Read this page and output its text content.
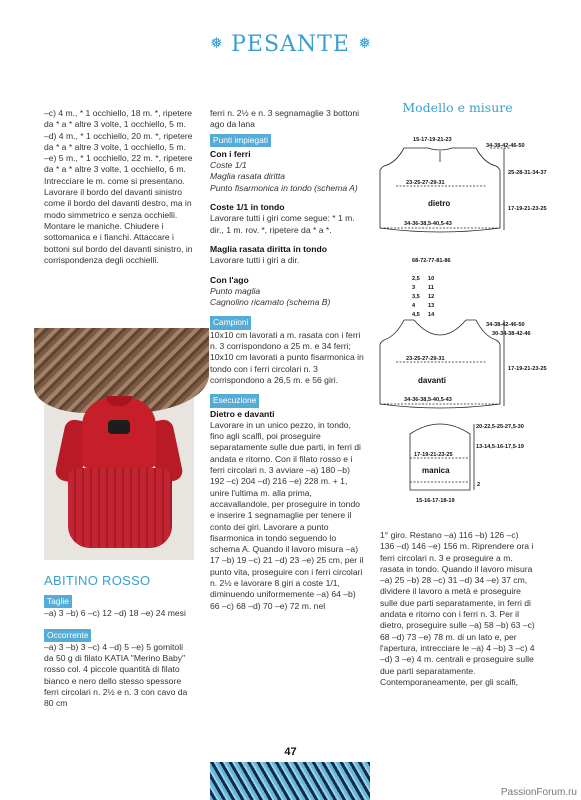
❅ PESANTE ❅

–c) 4 m., * 1 occhiello, 18 m. *, ripetere da * a * altre 3 volte, 1 occhiello, 5 m.

–d) 4 m., * 1 occhiello, 20 m. *, ripetere da * a * altre 3 volte, 1 occhiello, 5 m.

–e) 5 m., * 1 occhiello, 22 m. *, ripetere da * a * altre 3 volte, 1 occhiello, 6 m.

Intrecciare le m. come si presentano. Lavorare il bordo del davanti sinistro come il bordo del davanti destro, ma in modo simmetrico e senza occhielli. Montare le maniche. Chiudere i sottomanica e i fianchi. Attaccare i bottoni sul bordo del davanti sinistro, in corrispondenza degli occhielli.

ABITINO ROSSO
Taglie

–a) 3 –b) 6 –c) 12 –d) 18 –e) 24 mesi

Occorrente

–a) 3 –b) 3 –c) 4 –d) 5 –e) 5 gomitoli da 50 g di filato KATIA "Merino Baby" rosso col. 4 piccole quantità di filato bianco e nero dello stesso spessore ferri circolari n. 2½ e n. 3 con cavo da 80 cm

ferri n. 2½ e n. 3 segnamaglie 3 bottoni ago da lana

Punti impiegati

Con i ferri

Coste 1/1

Maglia rasata diritta

Punto fisarmonica in tondo (schema A)

Coste 1/1 in tondo

Lavorare tutti i giri come segue: * 1 m. dir., 1 m. rov. *, ripetere da * a *.

Maglia rasata diritta in tondo

Lavorare tutti i giri a dir.

Con l'ago

Punto maglia

Cagnolino ricamato (schema B)

Campioni

10x10 cm lavorati a m. rasata con i ferri n. 3 corrispondono a 25 m. e 34 ferri; 10x10 cm lavorati a punto fisarmonica in tondo con i ferri circolari n. 3 corrispondono a 26,5 m. e 56 giri.

Esecuzione

Dietro e davanti

Lavorare in un unico pezzo, in tondo, fino agli scalfi, poi proseguire separatamente sulle due parti, in ferri di andata e ritorno. Con il filato rosso e i ferri circolari n. 3 avviare –a) 180 –b) 192 –c) 204 –d) 216 –e) 228 m. + 1, unire l'ultima m. alla prima, accavallandole, per proseguire in tondo e inserire 1 segnamaglie per tenere il conto dei giri. Lavorare a punto fisarmonica in tondo seguendo lo schema A. Quando il lavoro misura –a) 17 –b) 19 –c) 21 –d) 23 –e) 25 cm, per il punto vita, proseguire con i ferri circolari n. 2½ e lavorare 8 giri a coste 1/1, diminuendo uniformemente –a) 64 –b) 66 –c) 68 –d) 70 –e) 72 m. nel

Modello e misure
15-17-19-21-23
34-38-42-46-50
25-28-31-34-37
17-19-21-23-25
23-25-27-29-31
dietro
34-36-38,5-40,5-43
68-72-77-81-86
2,5 10
3 11
3,5 12
4 13
4,5 14
34-38-42-46-50
30-34-38-42-46
17-19-21-23-25
23-25-27-29-31
davanti
34-36-38,5-40,5-43
20-22,5-25-27,5-30
13-14,5-16-17,5-19
2
17-19-21-23-25
manica
15-16-17-18-19

1° giro. Restano –a) 116 –b) 126 –c) 136 –d) 146 –e) 156 m. Riprendere ora i ferri circolari n. 3 e proseguire a m. rasata in tondo. Quando il lavoro misura –a) 25 –b) 28 –c) 31 –d) 34 –e) 37 cm, dividere il lavoro a metà e proseguire sulle due parti separatamente, in ferri di andata e ritorno con i ferri n. 3. Per il dietro, proseguire sulle –a) 58 –b) 63 –c) 68 –d) 73 –e) 78 m. di un lato e, per l'apertura, intrecciare le –a) 4 –b) 3 –c) 4 –d) 3 –e) 4 m. centrali e proseguire sulle due parti separatamente. Contemporaneamente, per gli scalfi,

47
PassionForum.ru
